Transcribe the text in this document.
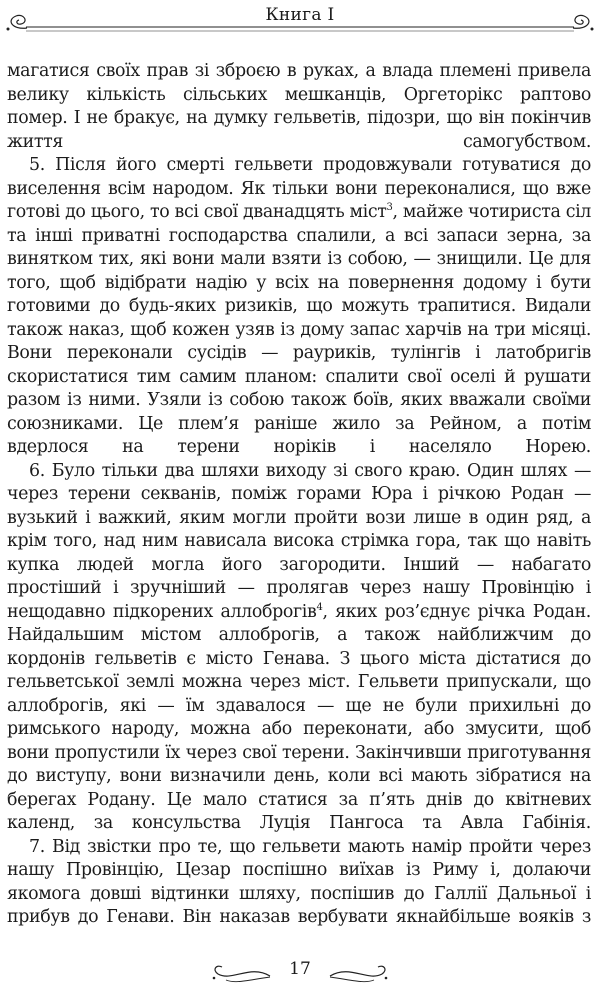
Книга I

магатися своїх прав зі зброєю в руках, а влада племені привела велику кількість сільських мешканців, Оргеторікс раптово помер. І не бракує, на думку гельветів, підозри, що він покінчив життя самогубством.

5. Після його смерті гельвети продовжували готуватися до виселення всім народом. Як тільки вони переконалися, що вже готові до цього, то всі свої дванадцять міст$^3$, майже чотириста сіл та інші приватні господарства спалили, а всі запаси зерна, за винятком тих, які вони мали взяти із собою, — знищили. Це для того, щоб відібрати надію у всіх на повернення додому і бути готовими до будь-яких ризиків, що можуть трапитися. Видали також наказ, щоб кожен узяв із дому запас харчів на три місяці. Вони переконали сусідів — рауриків, тулінгів і латобригів скористатися тим самим планом: спалити свої оселі й рушати разом із ними. Узяли із собою також боїв, яких вважали своїми союзниками. Це плем’я раніше жило за Рейном, а потім вдерлося на терени норіків і населяло Норею.

6. Було тільки два шляхи виходу зі свого краю. Один шлях — через терени секванів, поміж горами Юра і річкою Родан — вузький і важкий, яким могли пройти вози лише в один ряд, а крім того, над ним нависала висока стрімка гора, так що навіть купка людей могла його загородити. Інший — набагато простіший і зручніший — пролягав через нашу Провінцію і нещодавно підкорених аллоброгів$^4$, яких роз’єднує річка Родан. Найдальшим містом аллоброгів, а також найближчим до кордонів гельветів є місто Генава. З цього міста дістатися до гельветської землі можна через міст. Гельвети припускали, що аллоброгів, які — їм здавалося — ще не були прихильні до римського народу, можна або переконати, або змусити, щоб вони пропустили їх через свої терени. Закінчивши приготування до виступу, вони визначили день, коли всі мають зібратися на берегах Родану. Це мало статися за п’ять днів до квітневих календ, за консульства Луція Пангоса та Авла Габінія.

7. Від звістки про те, що гельвети мають намір пройти через нашу Провінцію, Цезар поспішно виїхав із Риму і, долаючи якомога довші відтинки шляху, поспішив до Галлії Дальньої і прибув до Генави. Він наказав вербувати якнайбільше вояків з

17
